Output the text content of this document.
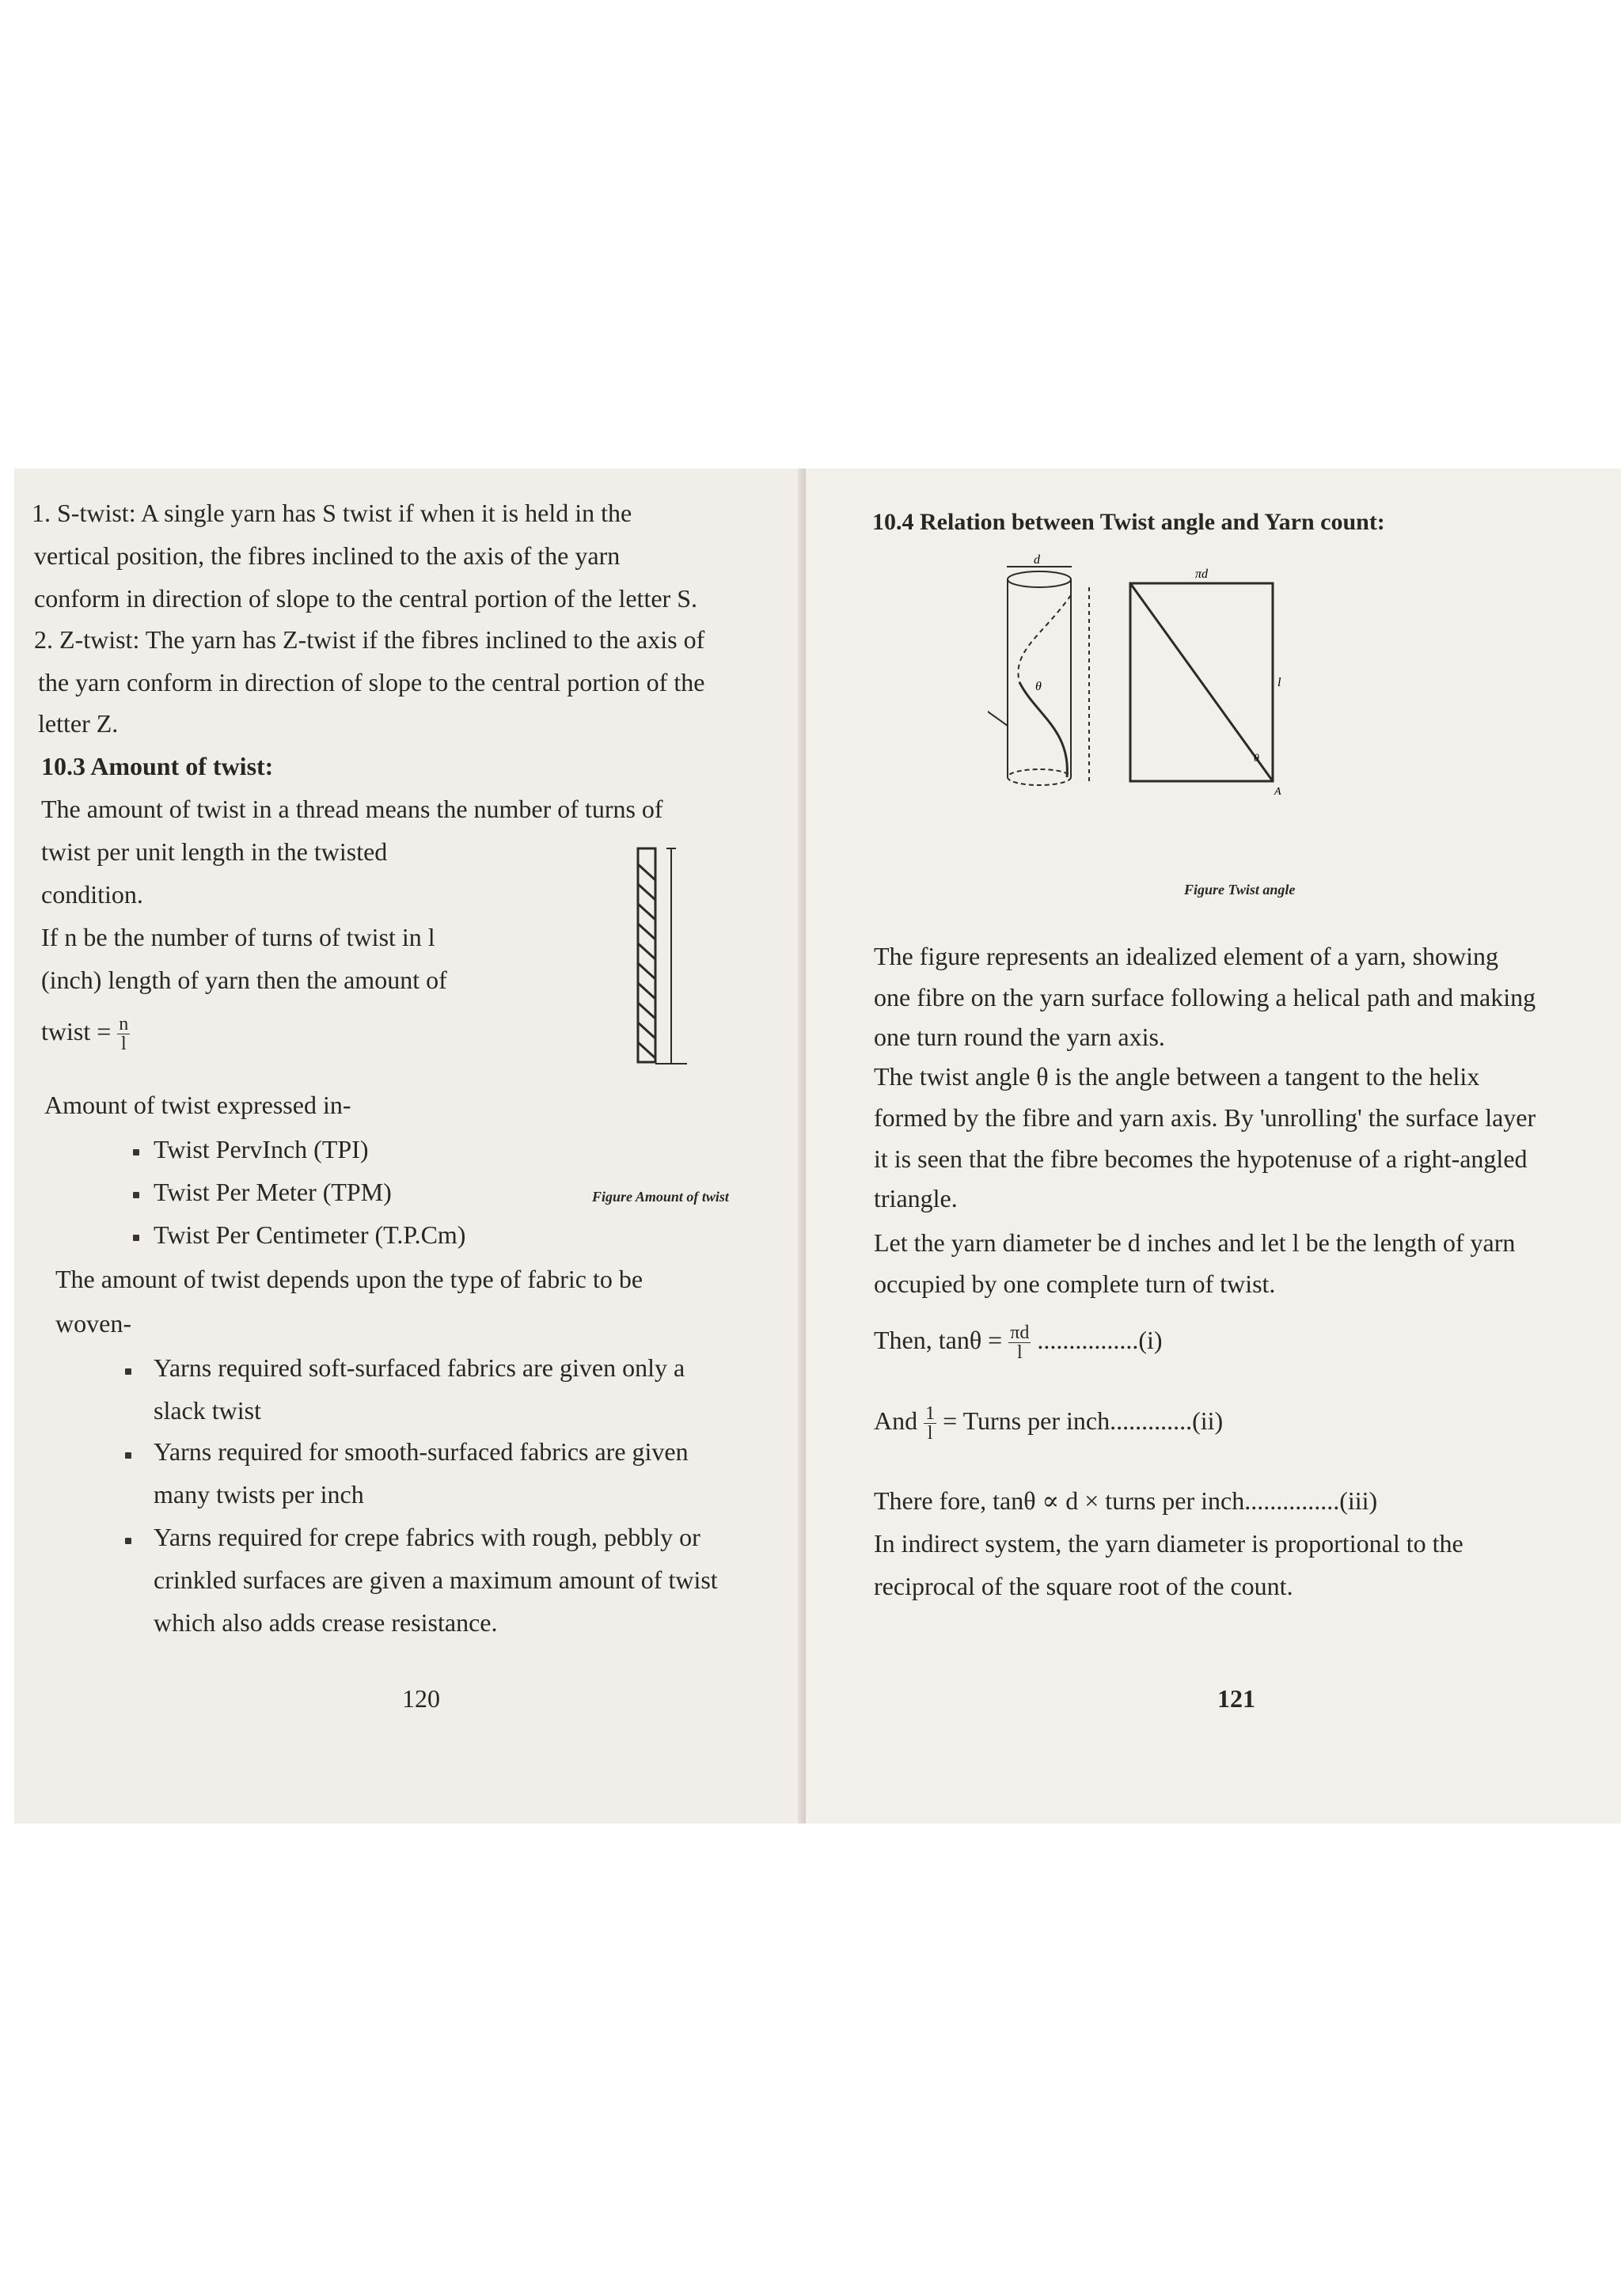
1. S-twist: A single yarn has S twist if when it is held in the
vertical position, the fibres inclined to the axis of the yarn
conform in direction of slope to the central portion of the letter S.
2. Z-twist: The yarn has Z-twist if the fibres inclined to the axis of
the yarn conform in direction of slope to the central portion of the
letter Z.
10.3 Amount of twist:
The amount of twist in a thread means the number of turns of
twist per unit length in the twisted
condition.
If n be the number of turns of twist in l
(inch) length of yarn then the amount of
twist = $\frac{n}{l}$
Amount of twist expressed in-
Twist PervInch (TPI)
Twist Per Meter (TPM)	Figure Amount of twist
Twist Per Centimeter (T.P.Cm)
The amount of twist depends upon the type of fabric to be
woven-
Yarns required soft-surfaced fabrics are given only a
slack twist
Yarns required for smooth-surfaced fabrics are given
many twists per inch
Yarns required for crepe fabrics with rough, pebbly or
crinkled surfaces are given a maximum amount of twist
which also adds crease resistance.
120
10.4 Relation between Twist angle and Yarn count:
d
θ
πd
l
θ
A
Figure Twist angle
The figure represents an idealized element of a yarn, showing
one fibre on the yarn surface following a helical path and making
one turn round the yarn axis.
The twist angle θ is the angle between a tangent to the helix
formed by the fibre and yarn axis. By 'unrolling' the surface layer
it is seen that the fibre becomes the hypotenuse of a right-angled
triangle.
Let the yarn diameter be d inches and let l be the length of yarn
occupied by one complete turn of twist.
Then, $\tan\theta = \frac{\pi d}{l} ................(i)$
And $\frac{1}{l}$ = Turns per inch.............(ii)
There fore, tanθ ∝ d × turns per inch...............(iii)
In indirect system, the yarn diameter is proportional to the
reciprocal of the square root of the count.
121
